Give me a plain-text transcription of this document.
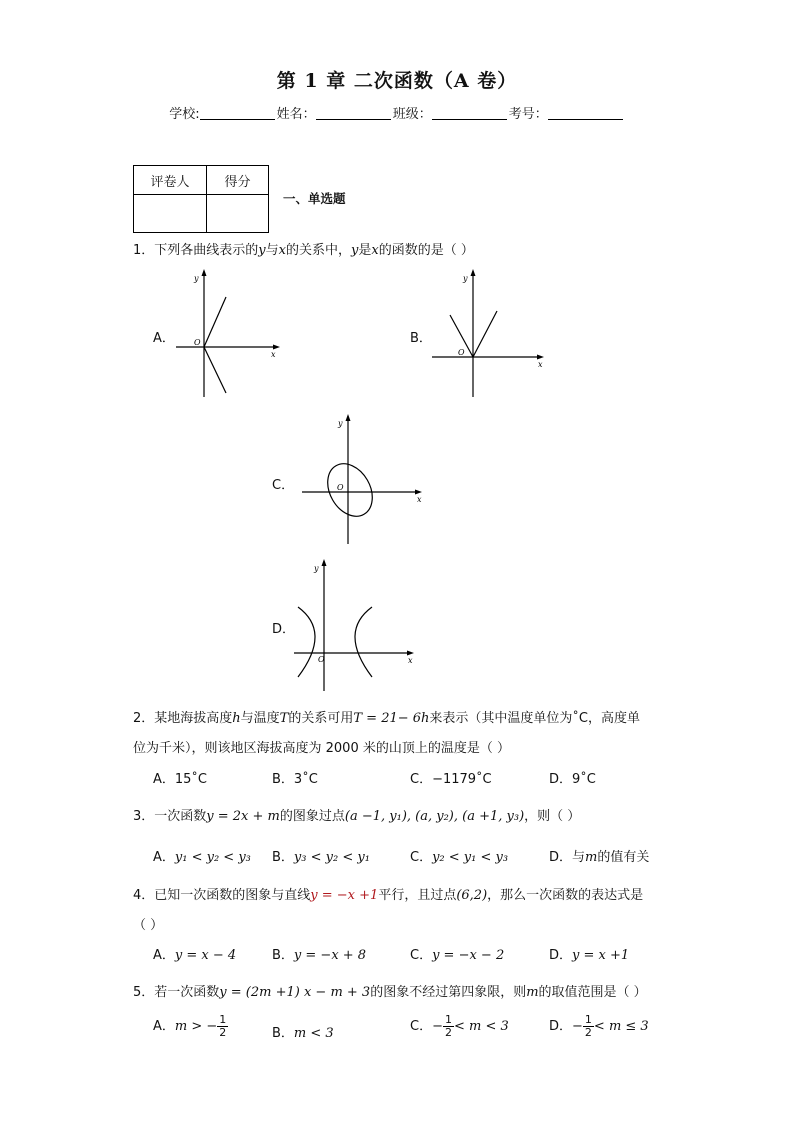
第 1 章 二次函数（A 卷）
学校:	姓名：	班级：	考号：
评卷人	得分

一、单选题
1．下列各曲线表示的y与x的关系中，y是x的函数的是（ ）
A．
y
x
O	B．
y
x
O
C．
y
x
O
D．
y
x
O
2．某地海拔高度h与温度T的关系可用T = 21− 6h来表示（其中温度单位为˚C，高度单
位为千米），则该地区海拔高度为 2000 米的山顶上的温度是（ ）
A．15˚C	B．3˚C	C．−1179˚C	D．9˚C
3．一次函数y = 2x + m的图象过点(a −1, y₁), (a, y₂), (a +1, y₃)，则（ ）
A．y₁ < y₂ < y₃ B．y₃ < y₂ < y₁	C．y₂ < y₁ < y₃	D．与m的值有关
4．已知一次函数的图象与直线y = −x +1平行，且过点(6,2)，那么一次函数的表达式是
（ ）
A．y = x − 4	B．y = −x + 8	C．y = −x − 2	D．y = x +1
5．若一次函数y = (2m +1) x − m + 3的图象不经过第四象限，则m的取值范围是（ ）
A．m > − $\frac{1}{2}$	B．m < 3	C．− $\frac{1}{2} < m < 3$	D．− $\frac{1}{2} < m \le 3$
